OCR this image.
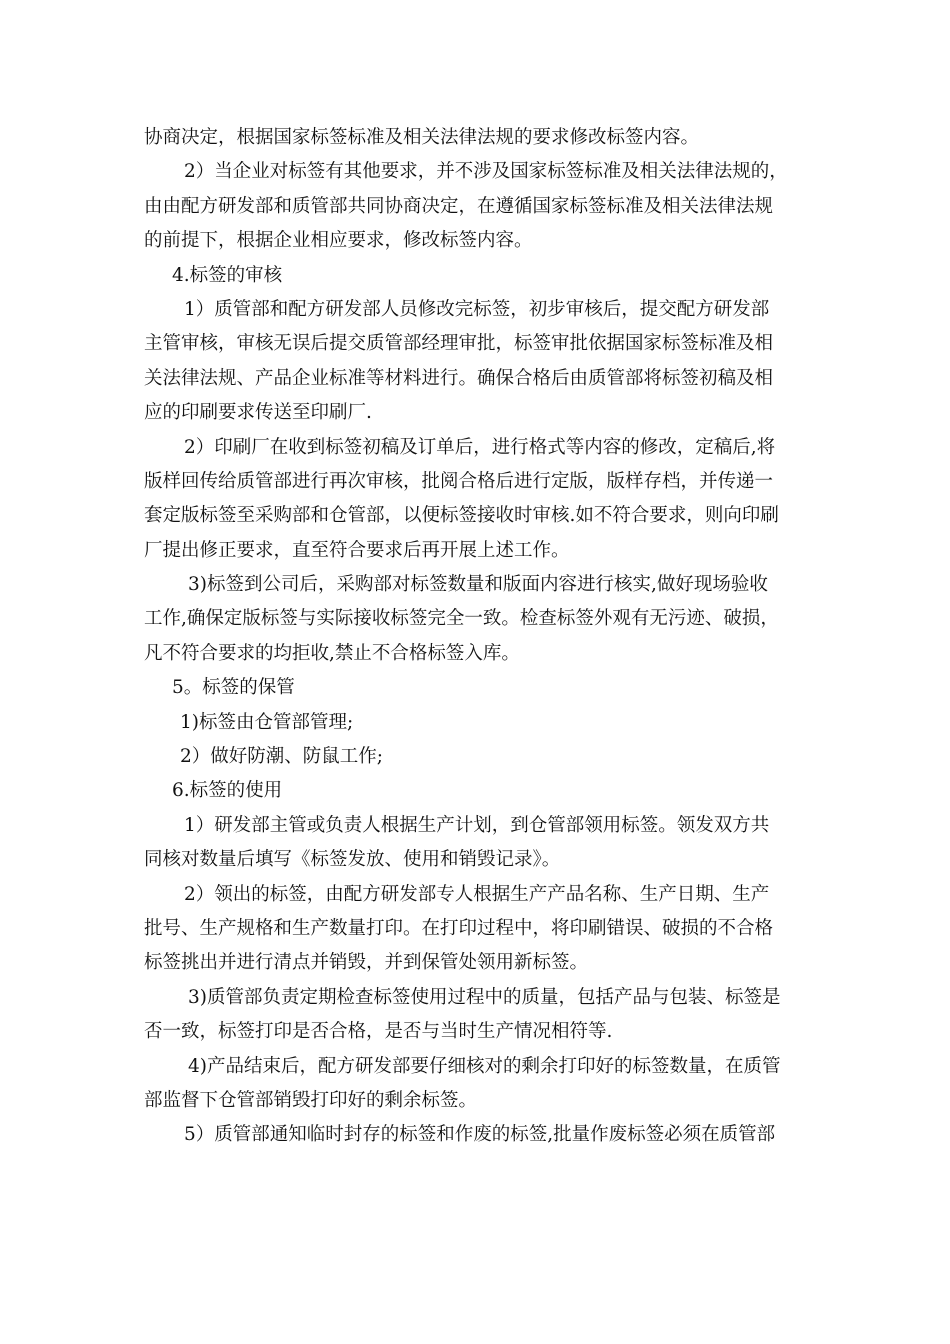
协商决定，根据国家标签标准及相关法律法规的要求修改标签内容。
2）当企业对标签有其他要求，并不涉及国家标签标准及相关法律法规的，
由由配方研发部和质管部共同协商决定，在遵循国家标签标准及相关法律法规
的前提下，根据企业相应要求，修改标签内容。
4.标签的审核
1）质管部和配方研发部人员修改完标签，初步审核后，提交配方研发部
主管审核，审核无误后提交质管部经理审批，标签审批依据国家标签标准及相
关法律法规、产品企业标准等材料进行。确保合格后由质管部将标签初稿及相
应的印刷要求传送至印刷厂.
2）印刷厂在收到标签初稿及订单后，进行格式等内容的修改，定稿后,将
版样回传给质管部进行再次审核，批阅合格后进行定版，版样存档，并传递一
套定版标签至采购部和仓管部，以便标签接收时审核.如不符合要求，则向印刷
厂提出修正要求，直至符合要求后再开展上述工作。
3)标签到公司后，采购部对标签数量和版面内容进行核实,做好现场验收
工作,确保定版标签与实际接收标签完全一致。检查标签外观有无污迹、破损，
凡不符合要求的均拒收,禁止不合格标签入库。
5。标签的保管
1)标签由仓管部管理;
2）做好防潮、防鼠工作;
6.标签的使用
1）研发部主管或负责人根据生产计划，到仓管部领用标签。领发双方共
同核对数量后填写《标签发放、使用和销毁记录》。
2）领出的标签，由配方研发部专人根据生产产品名称、生产日期、生产
批号、生产规格和生产数量打印。在打印过程中，将印刷错误、破损的不合格
标签挑出并进行清点并销毁，并到保管处领用新标签。
3)质管部负责定期检查标签使用过程中的质量，包括产品与包装、标签是
否一致，标签打印是否合格，是否与当时生产情况相符等.
4)产品结束后，配方研发部要仔细核对的剩余打印好的标签数量，在质管
部监督下仓管部销毁打印好的剩余标签。
5）质管部通知临时封存的标签和作废的标签,批量作废标签必须在质管部
